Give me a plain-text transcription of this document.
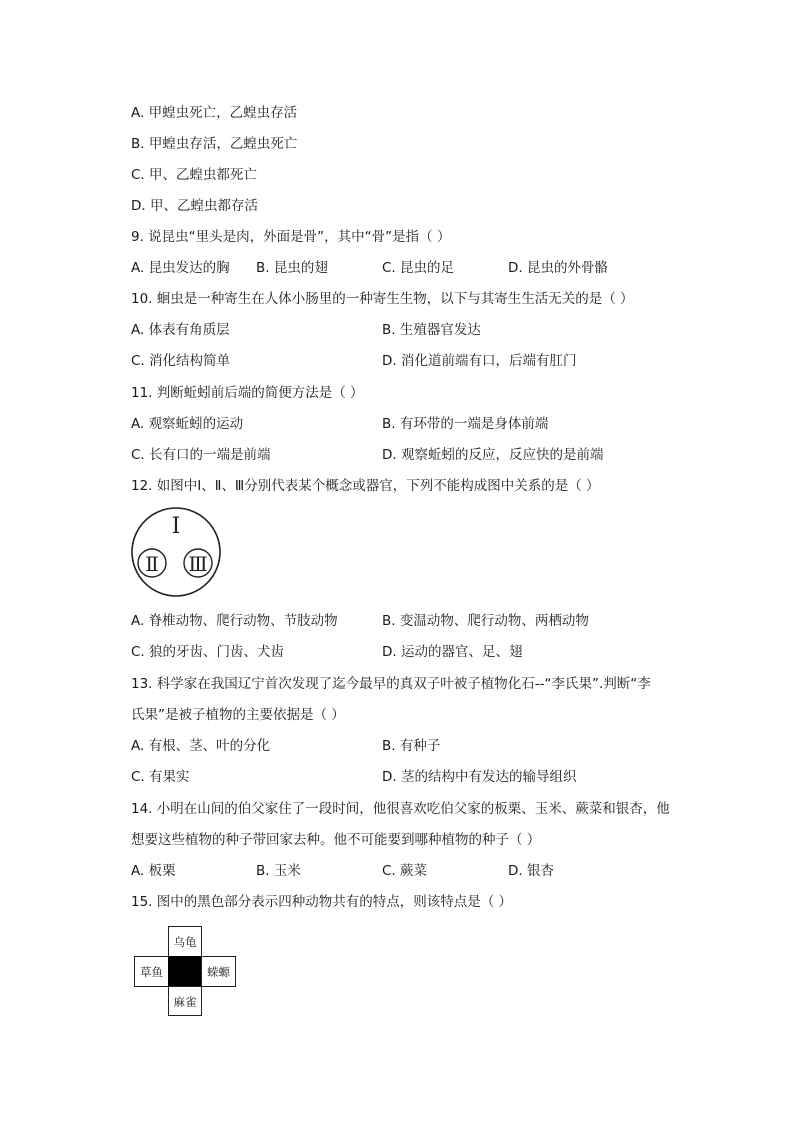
A. 甲蝗虫死亡，乙蝗虫存活
B. 甲蝗虫存活，乙蝗虫死亡
C. 甲、乙蝗虫都死亡
D. 甲、乙蝗虫都存活
9. 说昆虫“里头是肉，外面是骨”，其中“骨”是指（ ）
A. 昆虫发达的胸 B. 昆虫的翅	C. 昆虫的足	D. 昆虫的外骨骼
10. 蛔虫是一种寄生在人体小肠里的一种寄生生物，以下与其寄生生活无关的是（ ）
A. 体表有角质层	B. 生殖器官发达
C. 消化结构简单	D. 消化道前端有口，后端有肛门
11. 判断蚯蚓前后端的简便方法是（ ）
A. 观察蚯蚓的运动	B. 有环带的一端是身体前端
C. 长有口的一端是前端	D. 观察蚯蚓的反应，反应快的是前端
12. 如图中Ⅰ、Ⅱ、Ⅲ分别代表某个概念或器官，下列不能构成图中关系的是（ ）
Ⅰ
Ⅱ Ⅲ
A. 脊椎动物、爬行动物、节肢动物	B. 变温动物、爬行动物、两栖动物
C. 狼的牙齿、门齿、犬齿	D. 运动的器官、足、翅
13. 科学家在我国辽宁首次发现了迄今最早的真双子叶被子植物化石--“李氏果”.判断“李
氏果”是被子植物的主要依据是（ ）
A. 有根、茎、叶的分化	B. 有种子
C. 有果实	D. 茎的结构中有发达的输导组织
14. 小明在山间的伯父家住了一段时间，他很喜欢吃伯父家的板栗、玉米、蕨菜和银杏，他
想要这些植物的种子带回家去种。他不可能要到哪种植物的种子（ ）
A. 板栗	B. 玉米	C. 蕨菜	D. 银杏
15. 图中的黑色部分表示四种动物共有的特点，则该特点是（ ）
乌龟
草鱼	蝾螈
麻雀
